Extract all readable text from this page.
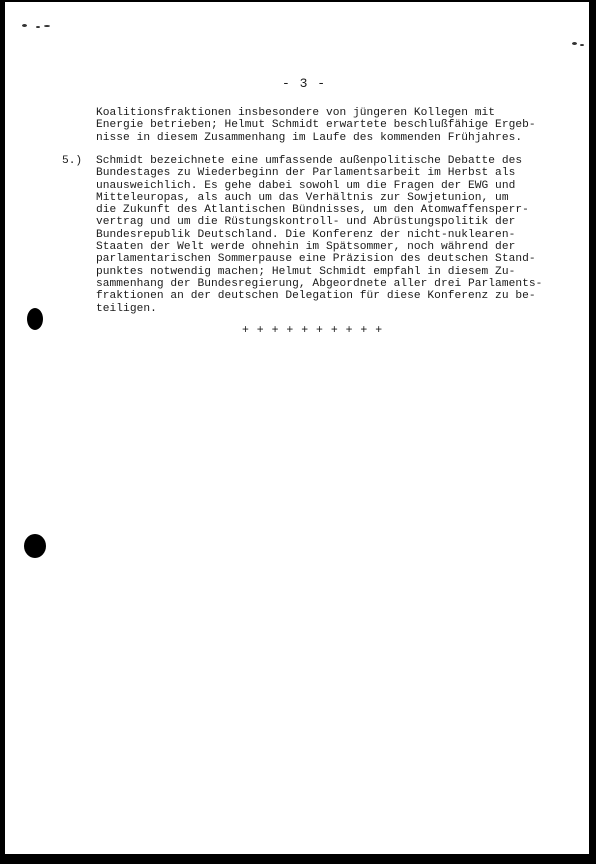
- 3 -
Koalitionsfraktionen insbesondere von jüngeren Kollegen mit
Energie betrieben; Helmut Schmidt erwartete beschlußfähige Ergeb-
nisse in diesem Zusammenhang im Laufe des kommenden Frühjahres.
5.) Schmidt bezeichnete eine umfassende außenpolitische Debatte des
Bundestages zu Wiederbeginn der Parlamentsarbeit im Herbst als
unausweichlich. Es gehe dabei sowohl um die Fragen der EWG und
Mitteleuropas, als auch um das Verhältnis zur Sowjetunion, um
die Zukunft des Atlantischen Bündnisses, um den Atomwaffensperr-
vertrag und um die Rüstungskontroll- und Abrüstungspolitik der
Bundesrepublik Deutschland. Die Konferenz der nicht-nuklearen-
Staaten der Welt werde ohnehin im Spätsommer, noch während der
parlamentarischen Sommerpause eine Präzision des deutschen Stand-
punktes notwendig machen; Helmut Schmidt empfahl in diesem Zu-
sammenhang der Bundesregierung, Abgeordnete aller drei Parlaments-
fraktionen an der deutschen Delegation für diese Konferenz zu be-
teiligen.
+ + + + + + + + + +
